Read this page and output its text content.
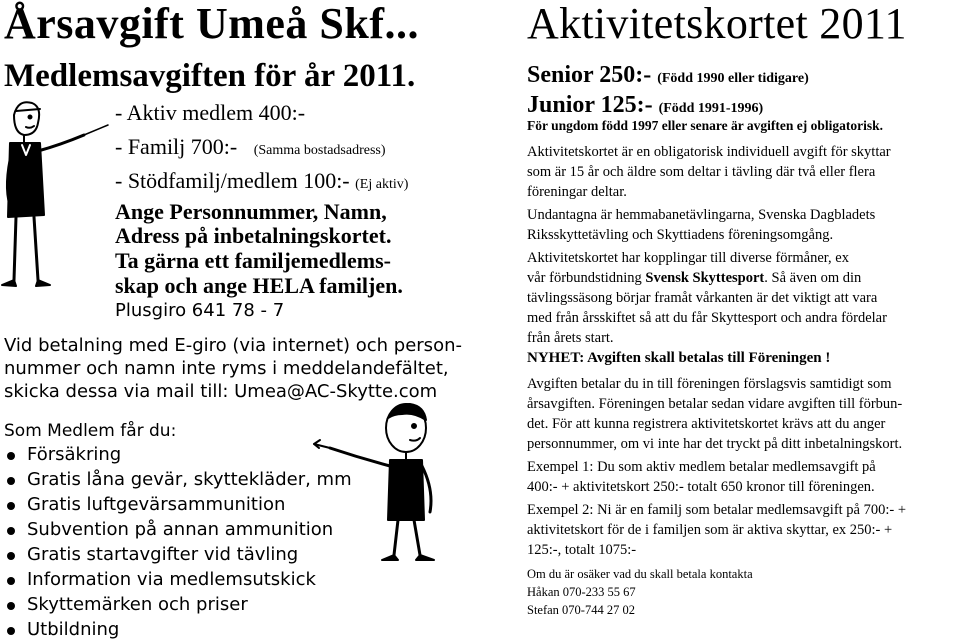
Årsavgift Umeå Skf...
Medlemsavgiften för år 2011.
- Aktiv medlem 400:-
- Familj 700:- (Samma bostadsadress)
- Stödfamilj/medlem 100:- (Ej aktiv)
Ange Personnummer, Namn,
Adress på inbetalningskortet.
Ta gärna ett familjemedlems-
skap och ange HELA familjen.
Plusgiro 641 78 - 7
Vid betalning med E-giro (via internet) och person-
nummer och namn inte ryms i meddelandefältet,
skicka dessa via mail till: Umea@AC-Skytte.com
Som Medlem får du:
Försäkring
Gratis låna gevär, skyttekläder, mm
Gratis luftgevärsammunition
Subvention på annan ammunition
Gratis startavgifter vid tävling
Information via medlemsutskick
Skyttemärken och priser
Utbildning
Aktivitetskortet 2011
Senior 250:- (Född 1990 eller tidigare)
Junior 125:- (Född 1991-1996)
För ungdom född 1997 eller senare är avgiften ej obligatorisk.
Aktivitetskortet är en obligatorisk individuell avgift för skyttar
som är 15 år och äldre som deltar i tävling där två eller flera
föreningar deltar.
Undantagna är hemmabanetävlingarna, Svenska Dagbladets
Riksskyttetävling och Skyttiadens föreningsomgång.
Aktivitetskortet har kopplingar till diverse förmåner, ex
vår förbundstidning Svensk Skyttesport. Så även om din
tävlingssäsong börjar framåt vårkanten är det viktigt att vara
med från årsskiftet så att du får Skyttesport och andra fördelar
från årets start.
NYHET: Avgiften skall betalas till Föreningen !
Avgiften betalar du in till föreningen förslagsvis samtidigt som
årsavgiften. Föreningen betalar sedan vidare avgiften till förbun-
det. För att kunna registrera aktivitetskortet krävs att du anger
personnummer, om vi inte har det tryckt på ditt inbetalningskort.
Exempel 1: Du som aktiv medlem betalar medlemsavgift på
400:- + aktivitetskort 250:- totalt 650 kronor till föreningen.
Exempel 2: Ni är en familj som betalar medlemsavgift på 700:- +
aktivitetskort för de i familjen som är aktiva skyttar, ex 250:- +
125:-, totalt 1075:-
Om du är osäker vad du skall betala kontakta
Håkan 070-233 55 67
Stefan 070-744 27 02
